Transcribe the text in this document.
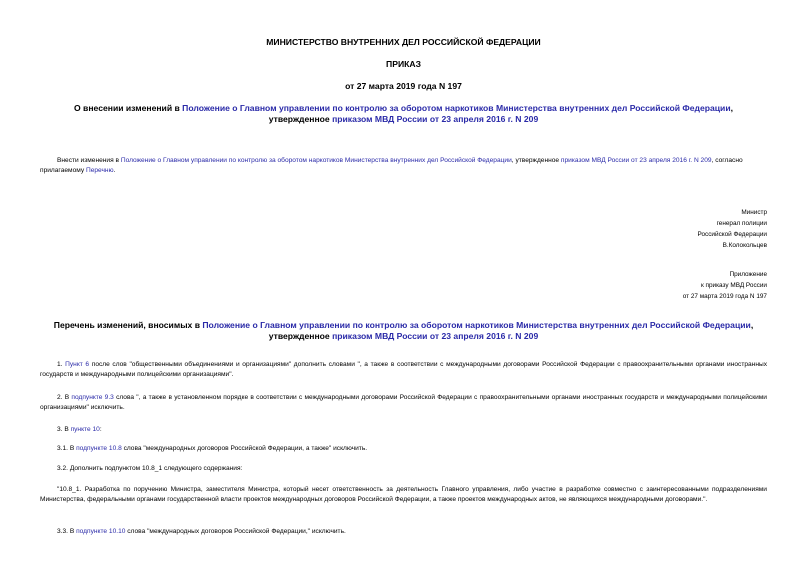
МИНИСТЕРСТВО ВНУТРЕННИХ ДЕЛ РОССИЙСКОЙ ФЕДЕРАЦИИ
ПРИКАЗ
от 27 марта 2019 года N 197
О внесении изменений в Положение о Главном управлении по контролю за оборотом наркотиков Министерства внутренних дел Российской Федерации,
утвержденное приказом МВД России от 23 апреля 2016 г. N 209
Внести изменения в Положение о Главном управлении по контролю за оборотом наркотиков Министерства внутренних дел Российской Федерации, утвержденное приказом МВД России от 23 апреля 2016 г. N 209, согласно прилагаемому Перечню.
Министр
генерал полиции
Российской Федерации
В.Колокольцев
Приложение
к приказу МВД России
от 27 марта 2019 года N 197
Перечень изменений, вносимых в Положение о Главном управлении по контролю за оборотом наркотиков Министерства внутренних дел Российской Федерации,
утвержденное приказом МВД России от 23 апреля 2016 г. N 209
1. Пункт 6 после слов "общественными объединениями и организациями" дополнить словами ", а также в соответствии с международными договорами Российской Федерации с правоохранительными органами иностранных государств и международными полицейскими организациями".
2. В подпункте 9.3 слова ", а также в установленном порядке в соответствии с международными договорами Российской Федерации с правоохранительными органами иностранных государств и международными полицейскими организациями" исключить.
3. В пункте 10:
3.1. В подпункте 10.8 слова "международных договоров Российской Федерации, а также" исключить.
3.2. Дополнить подпунктом 10.8_1 следующего содержания:
"10.8_1. Разработка по поручению Министра, заместителя Министра, который несет ответственность за деятельность Главного управления, либо участие в разработке совместно с заинтересованными подразделениями Министерства, федеральными органами государственной власти проектов международных договоров Российской Федерации, а также проектов международных актов, не являющихся международными договорами.".
3.3. В подпункте 10.10 слова "международных договоров Российской Федерации," исключить.
